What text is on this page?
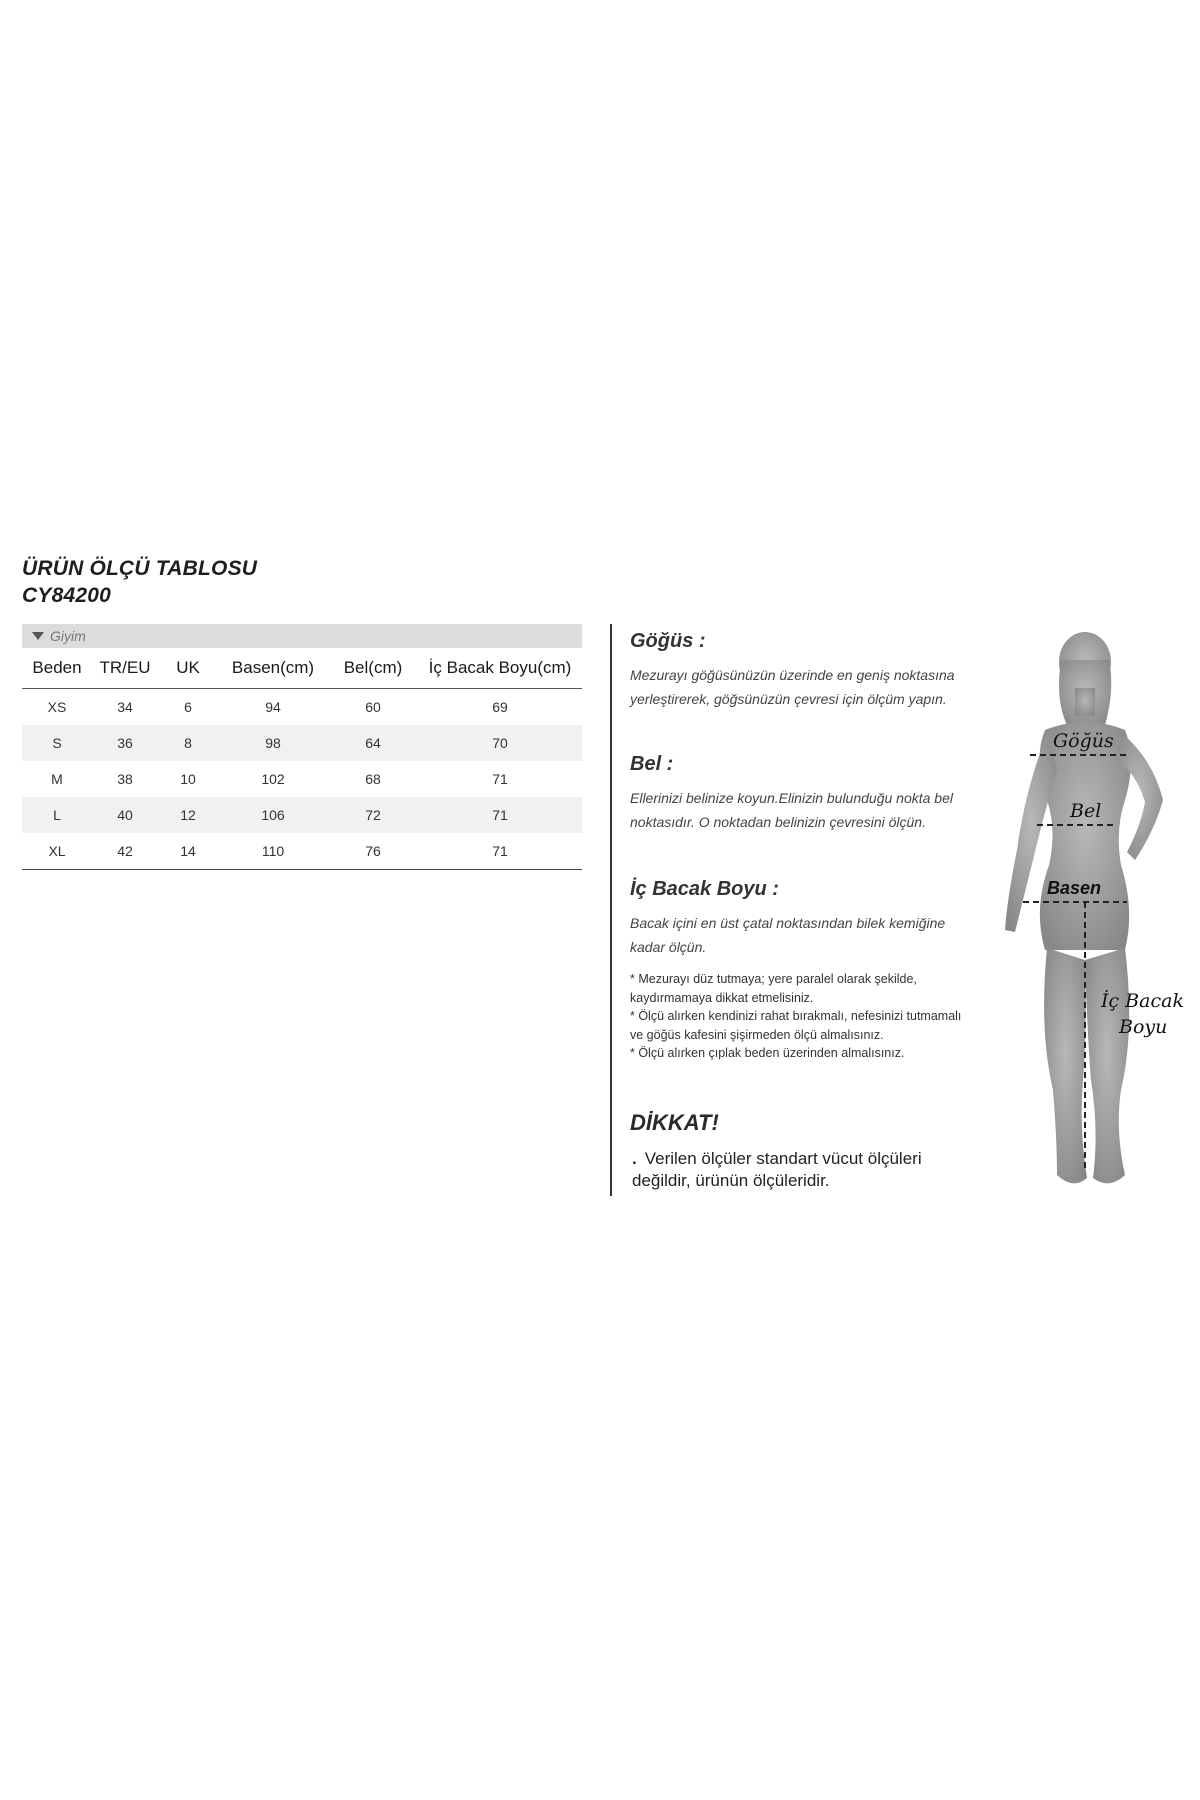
ÜRÜN ÖLÇÜ TABLOSU
CY84200
Giyim
Beden	TR/EU	UK	Basen(cm)	Bel(cm)	İç Bacak Boyu(cm)
XS	34	6	94	60	69
S	36	8	98	64	70
M	38	10	102	68	71
L	40	12	106	72	71
XL	42	14	110	76	71
Göğüs :

Mezurayı göğüsünüzün üzerinde en geniş noktasına yerleştirerek, göğsünüzün çevresi için ölçüm yapın.

Bel :

Ellerinizi belinize koyun.Elinizin bulunduğu nokta bel noktasıdır. O noktadan belinizin çevresini ölçün.

İç Bacak Boyu :

Bacak içini en üst çatal noktasından bilek kemiğine kadar ölçün.

* Mezurayı düz tutmaya; yere paralel olarak şekilde, kaydırmamaya dikkat etmelisiniz.
* Ölçü alırken kendinizi rahat bırakmalı, nefesinizi tutmamalı ve göğüs kafesini şişirmeden ölçü almalısınız.
* Ölçü alırken çıplak beden üzerinden almalısınız.
DİKKAT!
. Verilen ölçüler standart vücut ölçüleri değildir, ürünün ölçüleridir.
Göğüs
Bel
Basen
İç Bacak
Boyu
